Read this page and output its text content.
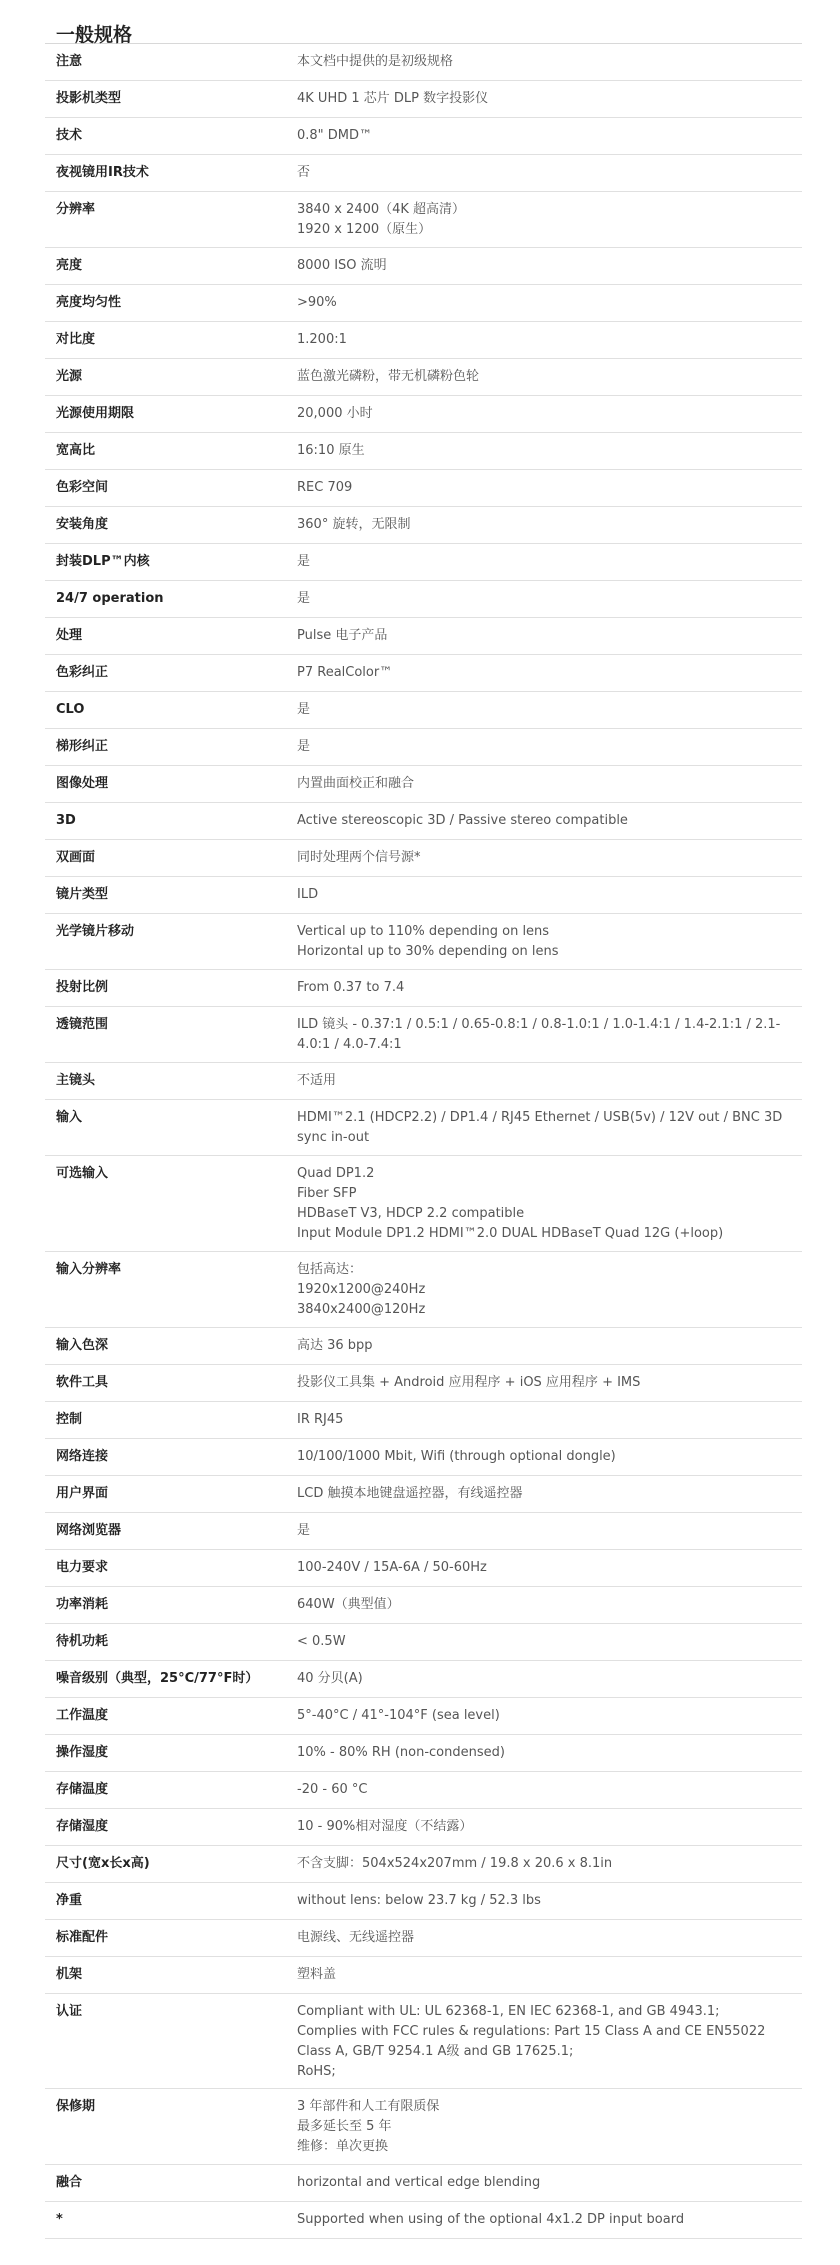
一般规格
注意	本文档中提供的是初级规格
投影机类型	4K UHD 1 芯片 DLP 数字投影仪
技术	0.8" DMD™
夜视镜用IR技术	否
分辨率	3840 x 2400（4K 超高清）
1920 x 1200（原生）
亮度	8000 ISO 流明
亮度均匀性	>90%
对比度	1.200:1
光源	蓝色激光磷粉，带无机磷粉色轮
光源使用期限	20,000 小时
宽高比	16:10 原生
色彩空间	REC 709
安装角度	360° 旋转，无限制
封装DLP™内核	是
24/7 operation	是
处理	Pulse 电子产品
色彩纠正	P7 RealColor™
CLO	是
梯形纠正	是
图像处理	内置曲面校正和融合
3D	Active stereoscopic 3D / Passive stereo compatible
双画面	同时处理两个信号源*
镜片类型	ILD
光学镜片移动	Vertical up to 110% depending on lens
Horizontal up to 30% depending on lens
投射比例	From 0.37 to 7.4
透镜范围	ILD 镜头 - 0.37:1 / 0.5:1 / 0.65-0.8:1 / 0.8-1.0:1 / 1.0-1.4:1 / 1.4-2.1:1 / 2.1-4.0:1 / 4.0-7.4:1
主镜头	不适用
输入	HDMI™2.1 (HDCP2.2) / DP1.4 / RJ45 Ethernet / USB(5v) / 12V out / BNC 3D sync in-out
可选输入	Quad DP1.2
Fiber SFP
HDBaseT V3, HDCP 2.2 compatible
Input Module DP1.2 HDMI™2.0 DUAL HDBaseT Quad 12G (+loop)
输入分辨率	包括高达：
1920x1200@240Hz
3840x2400@120Hz
输入色深	高达 36 bpp
软件工具	投影仪工具集 + Android 应用程序 + iOS 应用程序 + IMS
控制	IR RJ45
网络连接	10/100/1000 Mbit, Wifi (through optional dongle)
用户界面	LCD 触摸本地键盘遥控器，有线遥控器
网络浏览器	是
电力要求	100-240V / 15A-6A / 50-60Hz
功率消耗	640W（典型值）
待机功耗	< 0.5W
噪音级别（典型，25°C/77°F时）	40 分贝(A)
工作温度	5°-40°C / 41°-104°F (sea level)
操作湿度	10% - 80% RH (non-condensed)
存储温度	-20 - 60 °C
存储湿度	10 - 90%相对湿度（不结露）
尺寸(宽x长x高)	不含支脚：504x524x207mm / 19.8 x 20.6 x 8.1in
净重	without lens: below 23.7 kg / 52.3 lbs
标准配件	电源线、无线遥控器
机架	塑料盖
认证	Compliant with UL: UL 62368-1, EN IEC 62368-1, and GB 4943.1;
Complies with FCC rules & regulations: Part 15 Class A and CE EN55022 Class A, GB/T 9254.1 A级 and GB 17625.1;
RoHS;
保修期	3 年部件和人工有限质保
最多延长至 5 年
维修：单次更换
融合	horizontal and vertical edge blending
*	Supported when using of the optional 4x1.2 DP input board
